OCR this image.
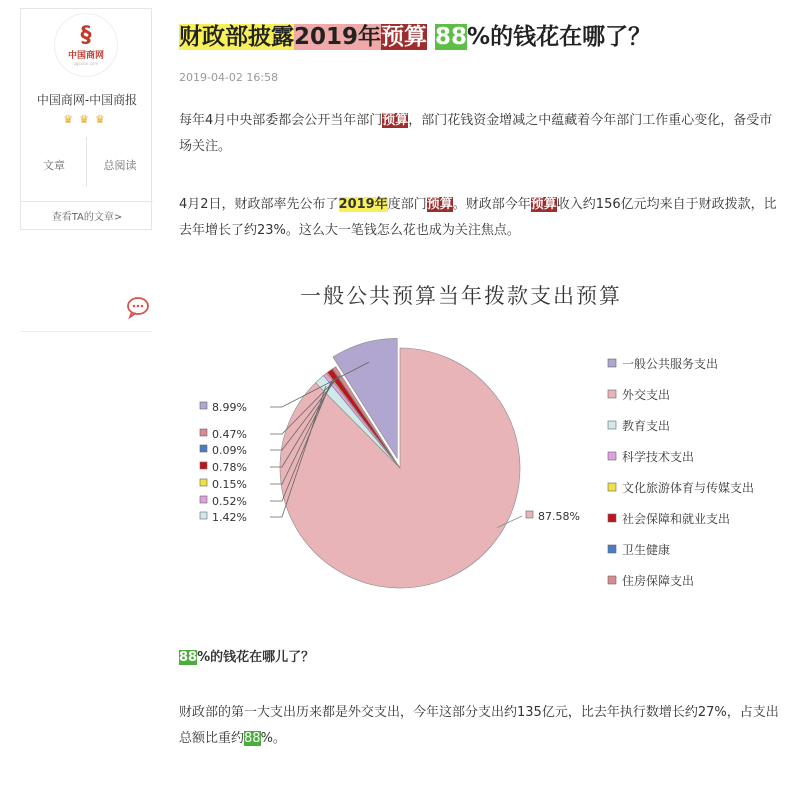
§
中国商网
zgswcn.com
中国商网-中国商报
♛♛♛
文章	总阅读
查看TA的文章>
财政部披露2019年预算 88%的钱花在哪了？
2019-04-02 16:58

每年4月中央部委都会公开当年部门预算，部门花钱资金增减之中蕴藏着今年部门工作重心变化，备受市场关注。

4月2日，财政部率先公布了2019年度部门预算。财政部今年预算收入约156亿元均来自于财政拨款，比去年增长了约23%。这么大一笔钱怎么花也成为关注焦点。

88%的钱花在哪儿了？

财政部的第一大支出历来都是外交支出，今年这部分支出约135亿元，比去年执行数增长约27%，占支出总额比重约88%。

一般公共预算当年拨款支出预算
8.99%
87.58%
1.42%
0.52%
0.15%
0.78%
0.09%
0.47%
一般公共服务支出
外交支出
教育支出
科学技术支出
文化旅游体育与传媒支出
社会保障和就业支出
卫生健康
住房保障支出
